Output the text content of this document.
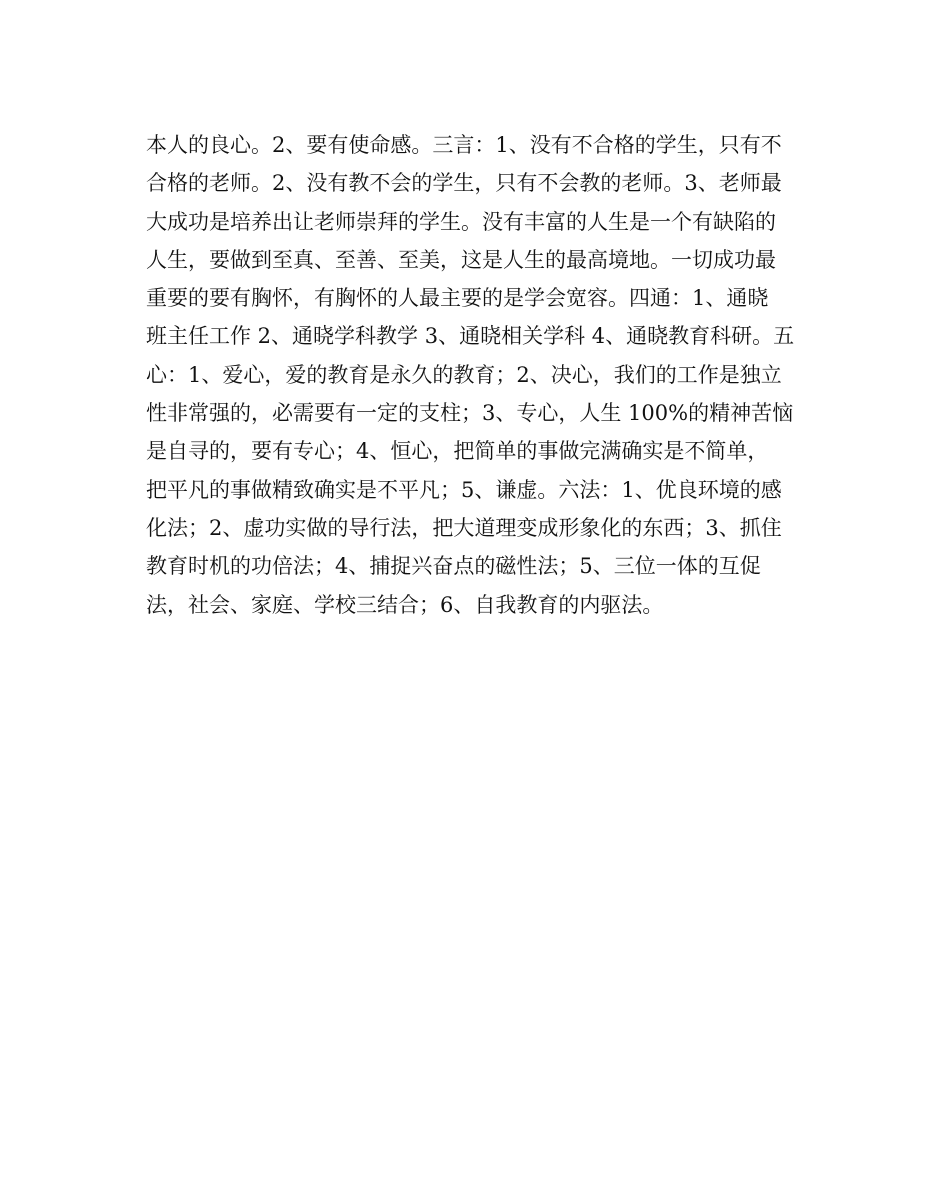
本人的良心。2、要有使命感。三言：1、没有不合格的学生，只有不
合格的老师。2、没有教不会的学生，只有不会教的老师。3、老师最
大成功是培养出让老师崇拜的学生。没有丰富的人生是一个有缺陷的
人生，要做到至真、至善、至美，这是人生的最高境地。一切成功最
重要的要有胸怀，有胸怀的人最主要的是学会宽容。四通：1、通晓
班主任工作 2、通晓学科教学 3、通晓相关学科 4、通晓教育科研。五
心：1、爱心，爱的教育是永久的教育；2、决心，我们的工作是独立
性非常强的，必需要有一定的支柱；3、专心，人生 100%的精神苦恼
是自寻的，要有专心；4、恒心，把简单的事做完满确实是不简单，
把平凡的事做精致确实是不平凡；5、谦虚。六法：1、优良环境的感
化法；2、虚功实做的导行法，把大道理变成形象化的东西；3、抓住
教育时机的功倍法；4、捕捉兴奋点的磁性法；5、三位一体的互促
法，社会、家庭、学校三结合；6、自我教育的内驱法。
